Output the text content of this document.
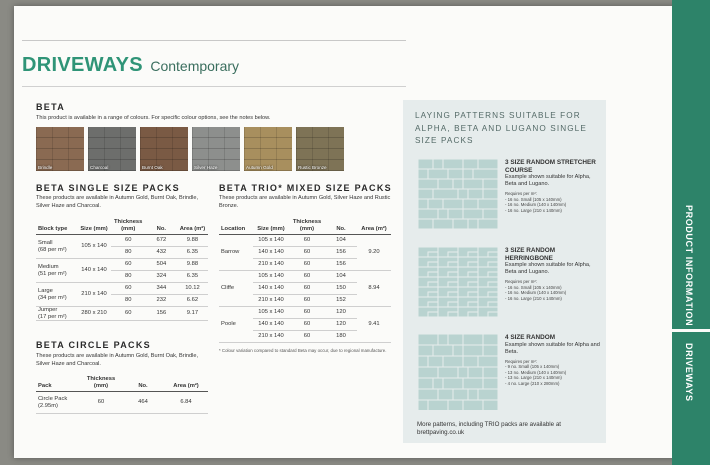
DRIVEWAYS Contemporary
BETA
This product is available in a range of colours. For specific colour options, see the notes below.
Brindle	Charcoal	Burnt Oak	Silver Haze	Autumn Gold	Rustic Bronze
BETA SINGLE SIZE PACKS
These products are available in Autumn Gold, Burnt Oak, Brindle, Silver Haze and Charcoal.
Block type	Size (mm)	Thickness (mm)	No.	Area (m²)

Small
(68 per m²)	105 x 140	60	672	9.88
		80	432	6.35

Medium
(51 per m²)	140 x 140	60	504	9.88
		80	324	6.35

Large
(34 per m²)	210 x 140	60	344	10.12
		80	232	6.62

Jumper
(17 per m²)	280 x 210	60	156	9.17
BETA CIRCLE PACKS
These products are available in Autumn Gold, Burnt Oak, Brindle, Silver Haze and Charcoal.
Pack	Thickness (mm)	No.	Area (m²)

Circle Pack
(2.95m)	60	464	6.84
BETA TRIO* MIXED SIZE PACKS
These products are available in Autumn Gold, Silver Haze and Rustic Bronze.
Location	Size (mm)	Thickness (mm)	No.	Area (m²)
Barrow	105 x 140	60	104	9.20
	140 x 140	60	156	
	210 x 140	60	156	
Cliffe	105 x 140	60	104	8.94
	140 x 140	60	150	
	210 x 140	60	152	
Poole	105 x 140	60	120	9.41
	140 x 140	60	120	
	210 x 140	60	180	
* Colour variation compared to standard Beta may occur, due to regional manufacture.
LAYING PATTERNS SUITABLE FOR ALPHA, BETA AND LUGANO SINGLE SIZE PACKS
3 SIZE RANDOM STRETCHER COURSE
Example shown suitable for Alpha, Beta and Lugano.
Requires per m²:
- 16 no. Small (105 x 140mm)
- 16 no. Medium (140 x 140mm)
- 16 no. Large (210 x 140mm)
3 SIZE RANDOM HERRINGBONE
Example shown suitable for Alpha, Beta and Lugano.
Requires per m²:
- 16 no. Small (105 x 140mm)
- 16 no. Medium (140 x 140mm)
- 16 no. Large (210 x 140mm)
4 SIZE RANDOM
Example shown suitable for Alpha and Beta.
Requires per m²:
- 9 no. Small (105 x 140mm)
- 13 no. Medium (140 x 140mm)
- 13 no. Large (210 x 140mm)
- 4 no. Large (210 x 280mm)
More patterns, including TRIO packs are available at brettpaving.co.uk
PRODUCT INFORMATION
DRIVEWAYS
